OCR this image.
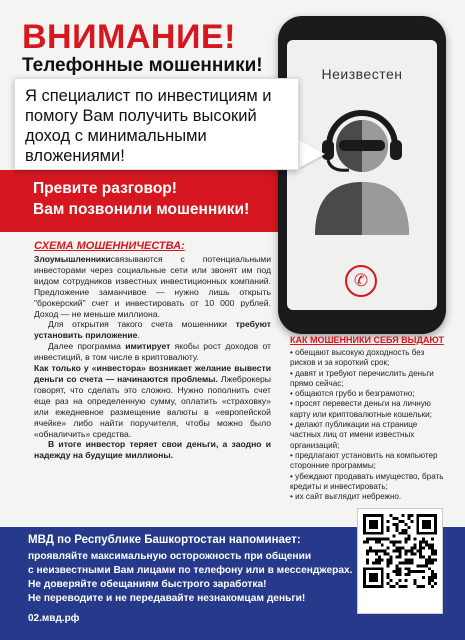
ВНИМАНИЕ!
Телефонные мошенники!
Превите разговор!
Вам позвонили мошенники!
Неизвестен
✆
Я специалист по инвестициям и помогу Вам получить высокий доход с минимальными вложениями!
СХЕМА МОШЕННИЧЕСТВА:

Злоумышленникисвязываются с потенциальными инвесторами через социальные сети или звонят им под видом сотрудников известных инвестиционных компаний. Предложение заманчивое — нужно лишь открыть "брокерский" счет и инвестировать от 10 000 рублей. Доход — не меньше миллиона.

Для открытия такого счета мошенники требуют установить приложение.

Далее программа имитирует якобы рост доходов от инвестиций, в том числе в криптовалюту.

Как только у «инвестора» возникает желание вывести деньги со счета — начинаются проблемы. Лжеброкеры говорят, что сделать это сложно. Нужно пополнить счет еще раз на определенную сумму, оплатить «страховку» или ежедневное размещение валюты в «европейской ячейке» либо найти поручителя, чтобы можно было «обналичить» средства.

В итоге инвестор теряет свои деньги, а заодно и надежду на будущие миллионы.

КАК МОШЕННИКИ СЕБЯ ВЫДАЮТ
• обещают высокую доходность без рисков и за короткий срок;
• давят и требуют перечислить деньги прямо сейчас;
• общаются грубо и безграмотно;
• просят перевести деньги на личную карту или криптовалютные кошельки;
• делают публикации на странице частных лиц от имени известных организаций;
• предлагают установить на компьютер сторонние программы;
• убеждают продавать имущество, брать кредиты и инвестировать;
• их сайт выглядит небрежно.
МВД по Республике Башкортостан напоминает:
проявляйте максимальную осторожность при общении
с неизвестными Вам лицами по телефону или в мессенджерах.
Не доверяйте обещаниям быстрого заработка!
Не переводите и не передавайте незнакомцам деньги!
02.мвд.рф
